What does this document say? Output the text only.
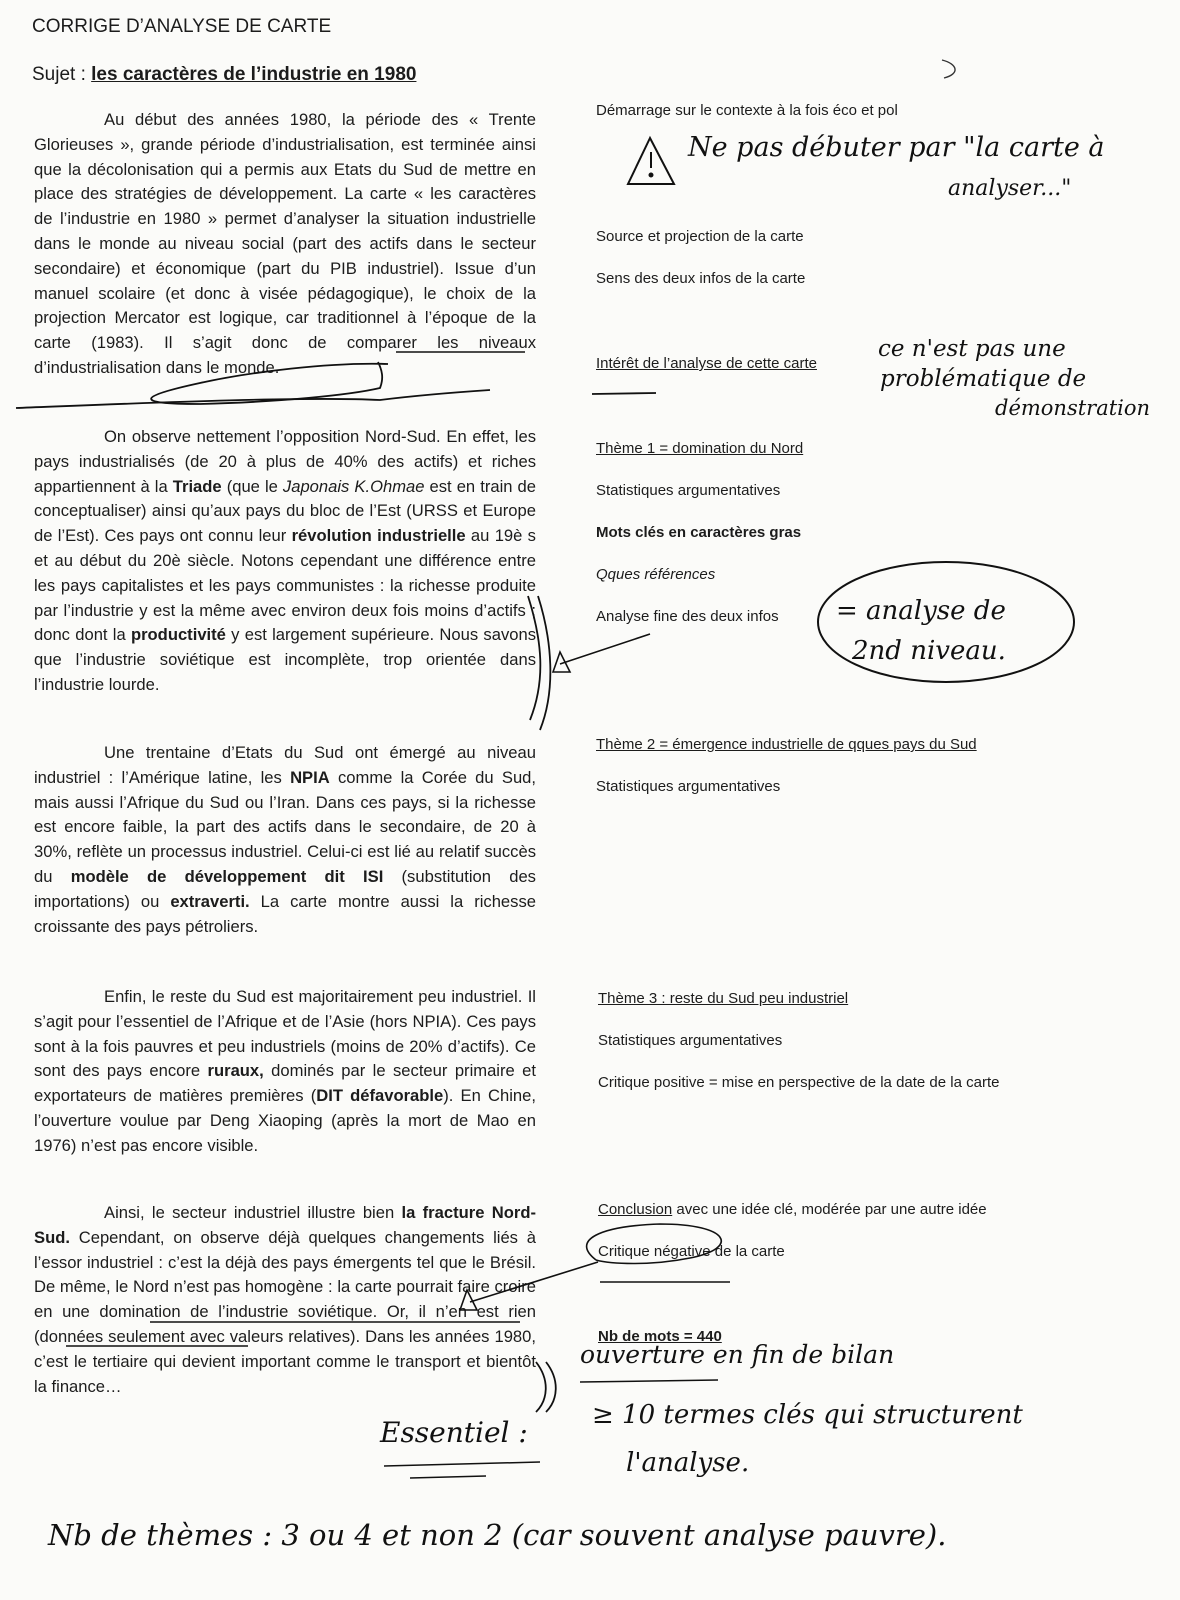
CORRIGE D’ANALYSE DE CARTE
Sujet : les caractères de l’industrie en 1980

Au début des années 1980, la période des « Trente Glorieuses », grande période d’industrialisation, est terminée ainsi que la décolonisation qui a permis aux Etats du Sud de mettre en place des stratégies de développement. La carte « les caractères de l’industrie en 1980 » permet d’analyser la situation industrielle dans le monde au niveau social (part des actifs dans le secteur secondaire) et économique (part du PIB industriel). Issue d’un manuel scolaire (et donc à visée pédagogique), le choix de la projection Mercator est logique, car traditionnel à l’époque de la carte (1983). Il s’agit donc de comparer les niveaux d’industrialisation dans le monde.

On observe nettement l’opposition Nord-Sud. En effet, les pays industrialisés (de 20 à plus de 40% des actifs) et riches appartiennent à la Triade (que le Japonais K.Ohmae est en train de conceptualiser) ainsi qu’aux pays du bloc de l’Est (URSS et Europe de l’Est). Ces pays ont connu leur révolution industrielle au 19è s et au début du 20è siècle. Notons cependant une différence entre les pays capitalistes et les pays communistes : la richesse produite par l’industrie y est la même avec environ deux fois moins d’actifs ; donc dont la productivité y est largement supérieure. Nous savons que l’industrie soviétique est incomplète, trop orientée dans l’industrie lourde.

Une trentaine d’Etats du Sud ont émergé au niveau industriel : l’Amérique latine, les NPIA comme la Corée du Sud, mais aussi l’Afrique du Sud ou l’Iran. Dans ces pays, si la richesse est encore faible, la part des actifs dans le secondaire, de 20 à 30%, reflète un processus industriel. Celui-ci est lié au relatif succès du modèle de développement dit ISI (substitution des importations) ou extraverti. La carte montre aussi la richesse croissante des pays pétroliers.

Enfin, le reste du Sud est majoritairement peu industriel. Il s’agit pour l’essentiel de l’Afrique et de l’Asie (hors NPIA). Ces pays sont à la fois pauvres et peu industriels (moins de 20% d’actifs). Ce sont des pays encore ruraux, dominés par le secteur primaire et exportateurs de matières premières (DIT défavorable). En Chine, l’ouverture voulue par Deng Xiaoping (après la mort de Mao en 1976) n’est pas encore visible.

Ainsi, le secteur industriel illustre bien la fracture Nord-Sud. Cependant, on observe déjà quelques changements liés à l’essor industriel : c’est la déjà des pays émergents tel que le Brésil. De même, le Nord n’est pas homogène : la carte pourrait faire croire en une domination de l’industrie soviétique. Or, il n’en est rien (données seulement avec valeurs relatives). Dans les années 1980, c’est le tertiaire qui devient important comme le transport et bientôt la finance…

Démarrage sur le contexte à la fois éco et pol
Source et projection de la carte
Sens des deux infos de la carte
Intérêt de l’analyse de cette carte
Thème 1 = domination du Nord
Statistiques argumentatives
Mots clés en caractères gras
Qques références
Analyse fine des deux infos
Thème 2 = émergence industrielle de qques pays du Sud
Statistiques argumentatives
Thème 3 : reste du Sud peu industriel
Statistiques argumentatives
Critique positive = mise en perspective de la date de la carte
Conclusion avec une idée clé, modérée par une autre idée
Critique négative de la carte
Nb de mots = 440
Ne pas débuter par "la carte à
analyser..."
ce n'est pas une
problématique de
démonstration
= analyse de
2nd niveau.
ouverture en fin de bilan
Essentiel :
≥ 10 termes clés qui structurent
l'analyse.
Nb de thèmes : 3 ou 4 et non 2 (car souvent analyse pauvre).
